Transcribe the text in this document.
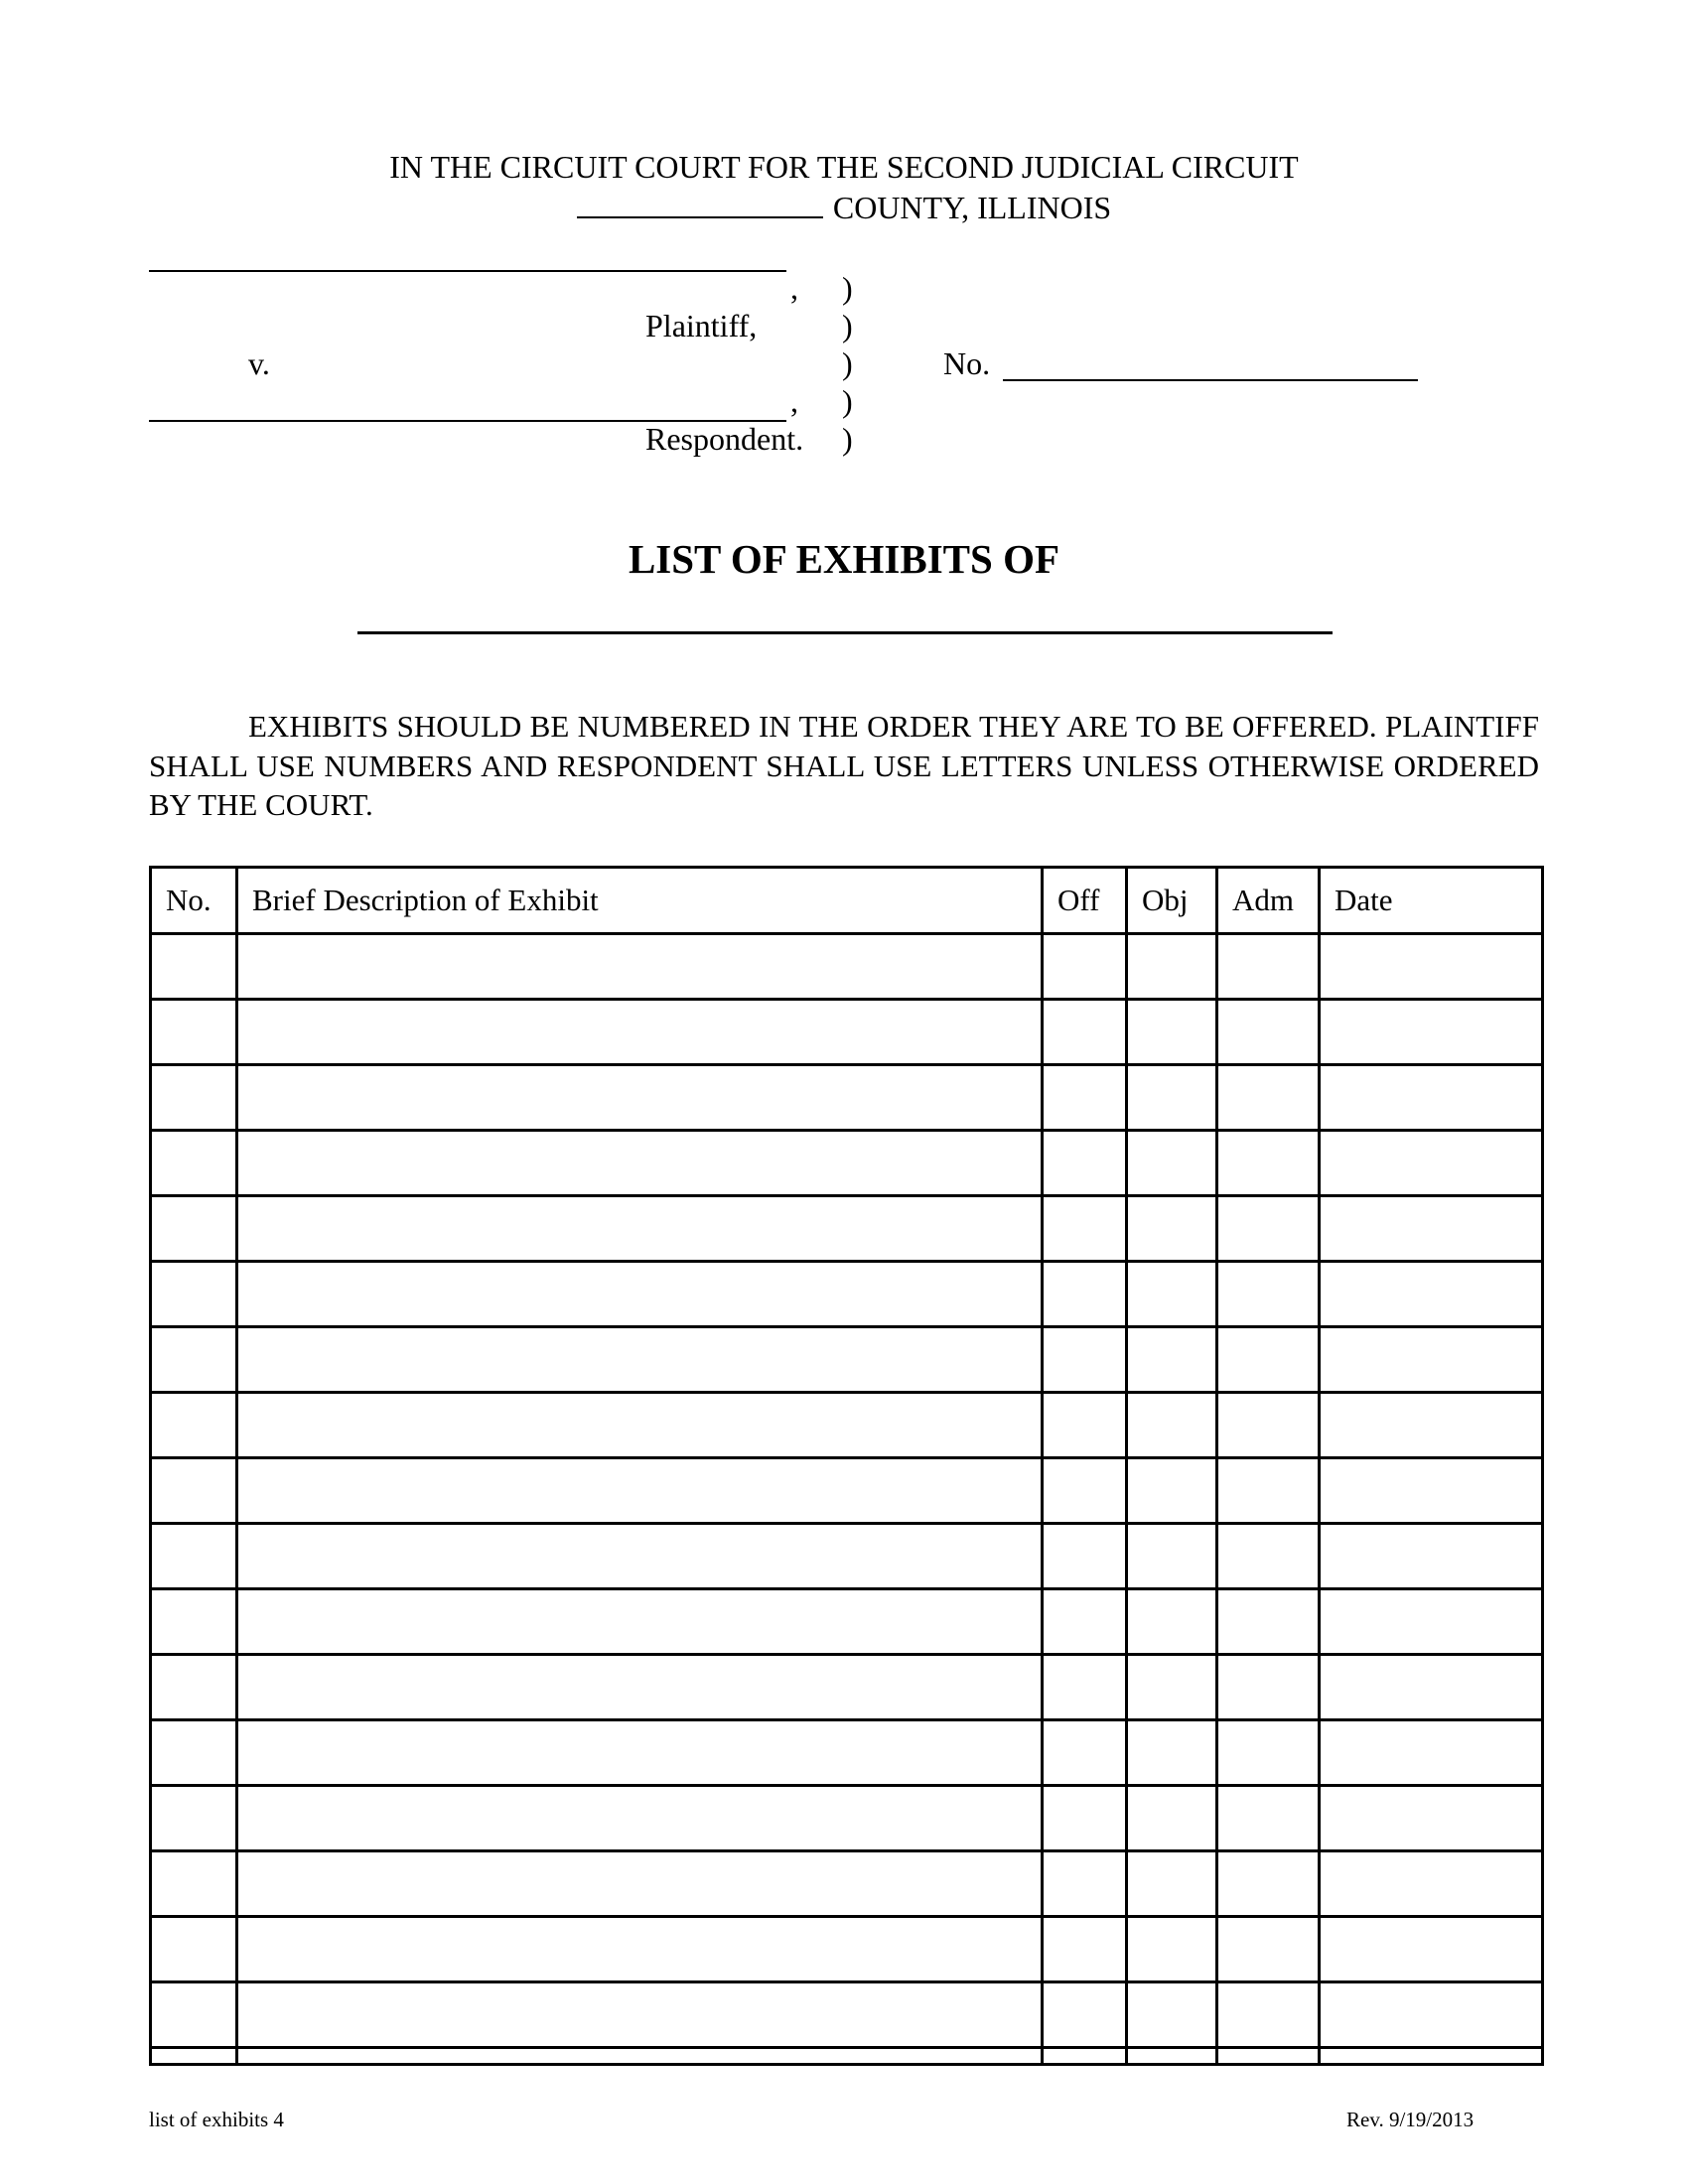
IN THE CIRCUIT COURT FOR THE SECOND JUDICIAL CIRCUIT
COUNTY, ILLINOIS
,
Plaintiff,
v.
,
Respondent.
)
)
)
)
)
No.
LIST OF EXHIBITS OF
EXHIBITS SHOULD BE NUMBERED IN THE ORDER THEY ARE TO BE OFFERED. PLAINTIFF SHALL USE NUMBERS AND RESPONDENT SHALL USE LETTERS UNLESS OTHERWISE ORDERED BY THE COURT.
No.	Brief Description of Exhibit	Off	Obj	Adm	Date

list of exhibits 4	Rev. 9/19/2013
